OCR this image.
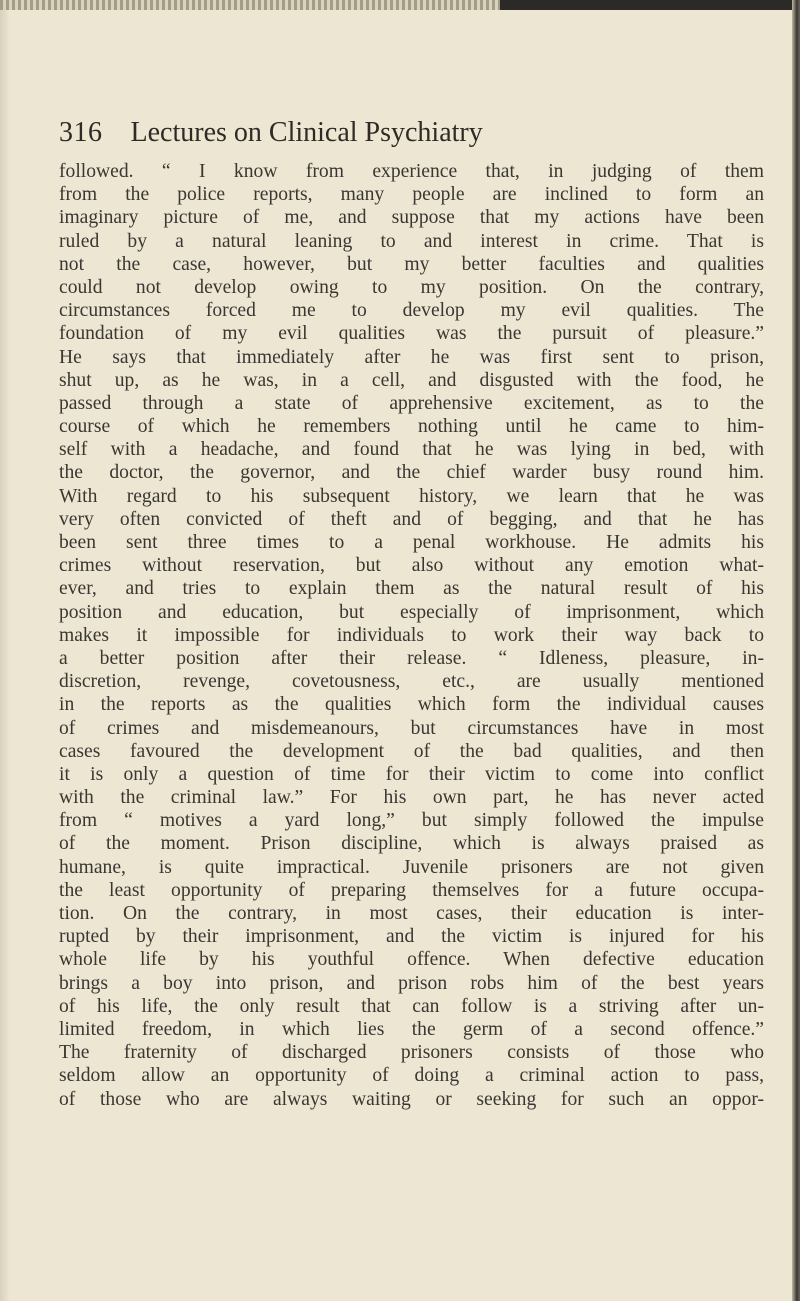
316 Lectures on Clinical Psychiatry
followed. “ I know from experience that, in judging of them
from the police reports, many people are inclined to form an
imaginary picture of me, and suppose that my actions have been
ruled by a natural leaning to and interest in crime. That is
not the case, however, but my better faculties and qualities
could not develop owing to my position. On the contrary,
circumstances forced me to develop my evil qualities. The
foundation of my evil qualities was the pursuit of pleasure.”
He says that immediately after he was first sent to prison,
shut up, as he was, in a cell, and disgusted with the food, he
passed through a state of apprehensive excitement, as to the
course of which he remembers nothing until he came to him-
self with a headache, and found that he was lying in bed, with
the doctor, the governor, and the chief warder busy round him.
With regard to his subsequent history, we learn that he was
very often convicted of theft and of begging, and that he has
been sent three times to a penal workhouse. He admits his
crimes without reservation, but also without any emotion what-
ever, and tries to explain them as the natural result of his
position and education, but especially of imprisonment, which
makes it impossible for individuals to work their way back to
a better position after their release. “ Idleness, pleasure, in-
discretion, revenge, covetousness, etc., are usually mentioned
in the reports as the qualities which form the individual causes
of crimes and misdemeanours, but circumstances have in most
cases favoured the development of the bad qualities, and then
it is only a question of time for their victim to come into conflict
with the criminal law.” For his own part, he has never acted
from “ motives a yard long,” but simply followed the impulse
of the moment. Prison discipline, which is always praised as
humane, is quite impractical. Juvenile prisoners are not given
the least opportunity of preparing themselves for a future occupa-
tion. On the contrary, in most cases, their education is inter-
rupted by their imprisonment, and the victim is injured for his
whole life by his youthful offence. When defective education
brings a boy into prison, and prison robs him of the best years
of his life, the only result that can follow is a striving after un-
limited freedom, in which lies the germ of a second offence.”
The fraternity of discharged prisoners consists of those who
seldom allow an opportunity of doing a criminal action to pass,
of those who are always waiting or seeking for such an oppor-
